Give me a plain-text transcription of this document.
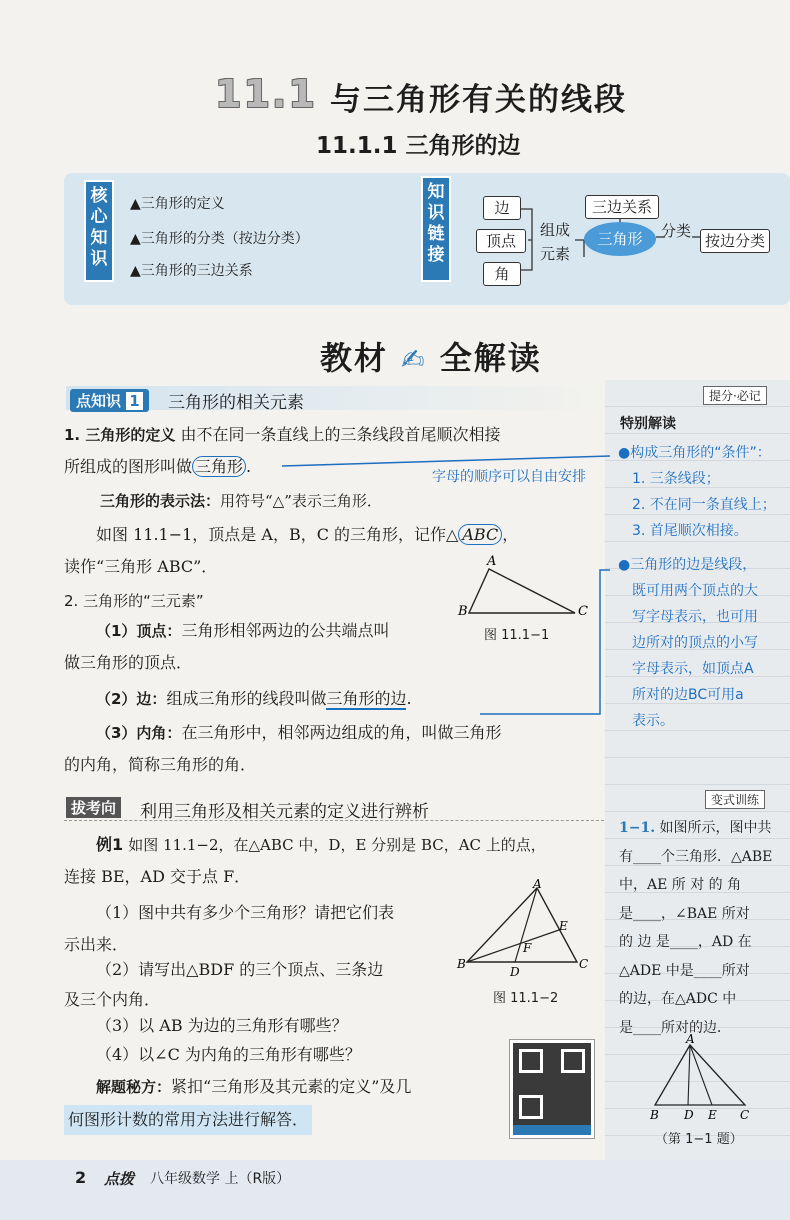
11.1 与三角形有关的线段
11.1.1 三角形的边
核心知识
▲三角形的定义
▲三角形的分类（按边分类）
▲三角形的三边关系
知识链接
边
顶点
角
组成
元素
三边关系
三角形	分类
按边分类
教材 ✍ 全解读
点知识 1	三角形的相关元素	提分·必记
1. 三角形的定义 由不在同一条直线上的三条线段首尾顺次相接
所组成的图形叫做 三角形 .
三角形的表示法：用符号“△”表示三角形．
字母的顺序可以自由安排
如图 11.1−1，顶点是 A，B，C 的三角形，记作△ ABC ，
读作“三角形 ABC”．
2. 三角形的“三元素”
A
B	C
图 11.1−1
（1）顶点：三角形相邻两边的公共端点叫
做三角形的顶点．
（2）边：组成三角形的线段叫做三角形的边.
（3）内角：在三角形中，相邻两边组成的角，叫做三角形
的内角，简称三角形的角．
特别解读
●构成三角形的“条件”：
1. 三条线段；
2. 不在同一条直线上；
3. 首尾顺次相接。
●三角形的边是线段，
既可用两个顶点的大
写字母表示，也可用
边所对的顶点的小写
字母表示，如顶点A
所对的边BC可用a
表示。
拔考向 利用三角形及相关元素的定义进行辨析
例1 如图 11.1−2，在△ABC 中，D，E 分别是 BC，AC 上的点，
连接 BE，AD 交于点 F．
（1）图中共有多少个三角形？请把它们表
示出来．
（2）请写出△BDF 的三个顶点、三条边
及三个内角．
（3）以 AB 为边的三角形有哪些？
（4）以∠C 为内角的三角形有哪些？
解题秘方：紧扣“三角形及其元素的定义”及几
何图形计数的常用方法进行解答．
A
B	C
D
E
F
图 11.1−2
变式训练
1−1. 如图所示，图中共
有____个三角形．△ABE
中，AE 所 对 的 角
是____，∠BAE 所对
的 边 是____，AD 在
△ADE 中是____所对
的边，在△ADC 中
是____所对的边．
A
B D E C
（第 1−1 题）
2 点拨 八年级数学 上（R版）
